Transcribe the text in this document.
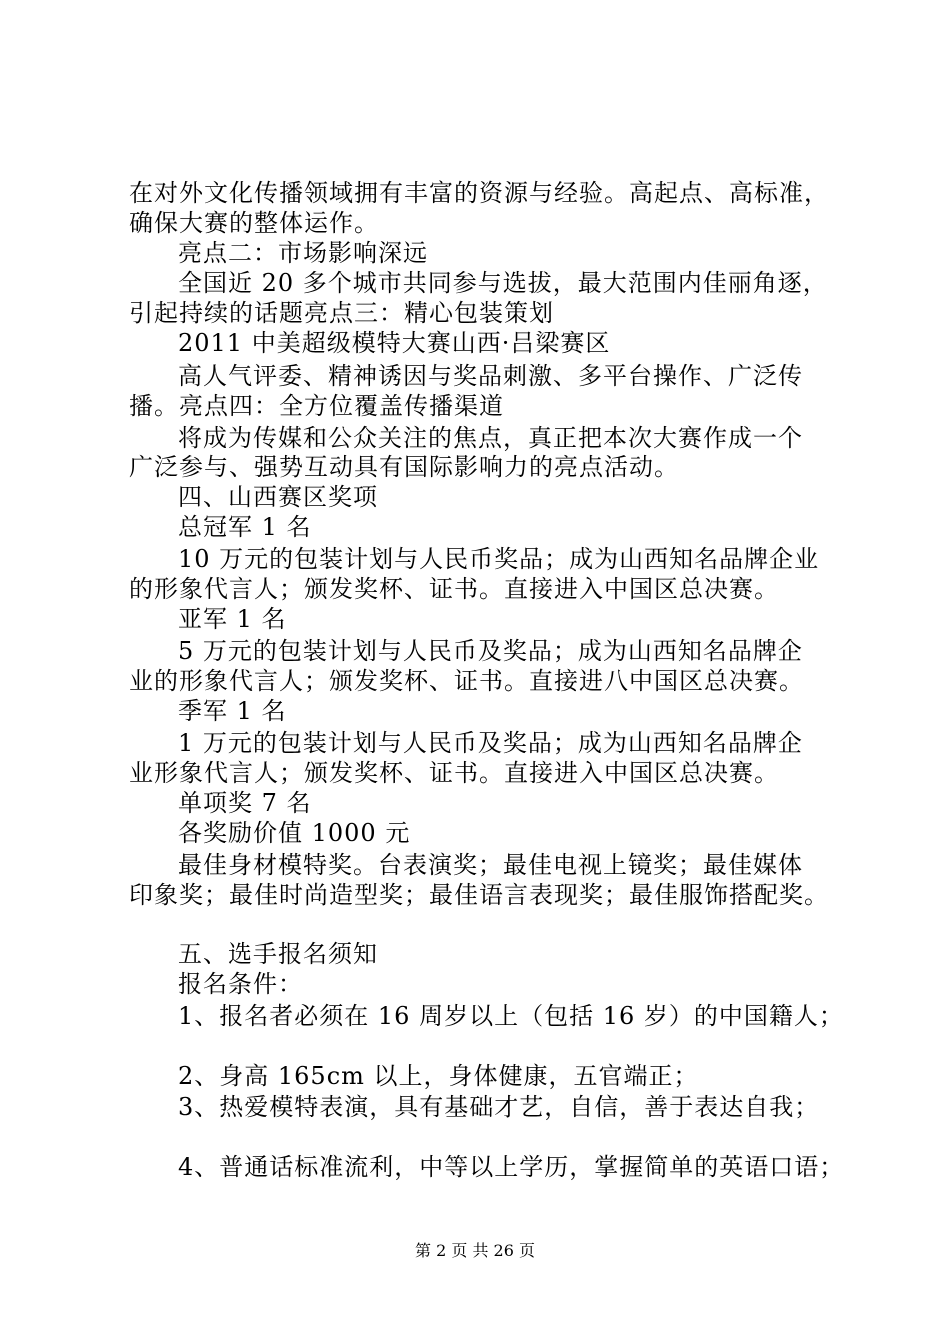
在对外文化传播领域拥有丰富的资源与经验。高起点、高标准，
确保大赛的整体运作。
亮点二：市场影响深远
全国近 20 多个城市共同参与选拔，最大范围内佳丽角逐，
引起持续的话题亮点三：精心包装策划
2011 中美超级模特大赛山西·吕梁赛区
高人气评委、精神诱因与奖品刺激、多平台操作、广泛传
播。亮点四：全方位覆盖传播渠道
将成为传媒和公众关注的焦点，真正把本次大赛作成一个
广泛参与、强势互动具有国际影响力的亮点活动。
四、山西赛区奖项
总冠军 1 名
10 万元的包装计划与人民币奖品；成为山西知名品牌企业
的形象代言人；颁发奖杯、证书。直接进入中国区总决赛。
亚军 1 名
5 万元的包装计划与人民币及奖品；成为山西知名品牌企
业的形象代言人；颁发奖杯、证书。直接进八中国区总决赛。
季军 1 名
1 万元的包装计划与人民币及奖品；成为山西知名品牌企
业形象代言人；颁发奖杯、证书。直接进入中国区总决赛。
单项奖 7 名
各奖励价值 1000 元
最佳身材模特奖。台表演奖；最佳电视上镜奖；最佳媒体
印象奖；最佳时尚造型奖；最佳语言表现奖；最佳服饰搭配奖。
五、选手报名须知
报名条件：
1、报名者必须在 16 周岁以上（包括 16 岁）的中国籍人；
2、身高 165cm 以上，身体健康，五官端正；
3、热爱模特表演，具有基础才艺，自信，善于表达自我；
4、普通话标准流利，中等以上学历，掌握简单的英语口语；
第 2 页 共 26 页
